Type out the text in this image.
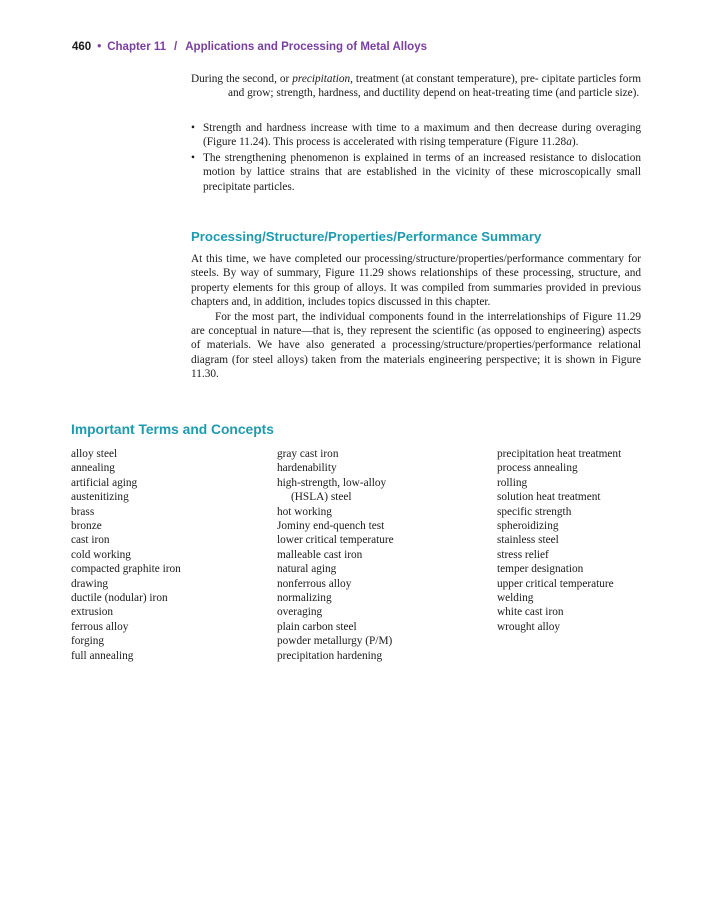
460 • Chapter 11 / Applications and Processing of Metal Alloys
During the second, or precipitation, treatment (at constant temperature), pre- cipitate particles form and grow; strength, hardness, and ductility depend on heat-treating time (and particle size).
• Strength and hardness increase with time to a maximum and then decrease during overaging (Figure 11.24). This process is accelerated with rising temperature (Figure 11.28a).
• The strengthening phenomenon is explained in terms of an increased resistance to dislocation motion by lattice strains that are established in the vicinity of these microscopically small precipitate particles.
Processing/Structure/Properties/Performance Summary

At this time, we have completed our processing/structure/properties/performance commentary for steels. By way of summary, Figure 11.29 shows relationships of these processing, structure, and property elements for this group of alloys. It was compiled from summaries provided in previous chapters and, in addition, includes topics discussed in this chapter.

For the most part, the individual components found in the interrelationships of Figure 11.29 are conceptual in nature—that is, they represent the scientific (as opposed to engineering) aspects of materials. We have also generated a processing/structure/properties/performance relational diagram (for steel alloys) taken from the materials engineering perspective; it is shown in Figure 11.30.

Important Terms and Concepts
alloy steel
annealing
artificial aging
austenitizing
brass
bronze
cast iron
cold working
compacted graphite iron
drawing
ductile (nodular) iron
extrusion
ferrous alloy
forging
full annealing
gray cast iron
hardenability
high-strength, low-alloy
(HSLA) steel
hot working
Jominy end-quench test
lower critical temperature
malleable cast iron
natural aging
nonferrous alloy
normalizing
overaging
plain carbon steel
powder metallurgy (P/M)
precipitation hardening
precipitation heat treatment
process annealing
rolling
solution heat treatment
specific strength
spheroidizing
stainless steel
stress relief
temper designation
upper critical temperature
welding
white cast iron
wrought alloy
